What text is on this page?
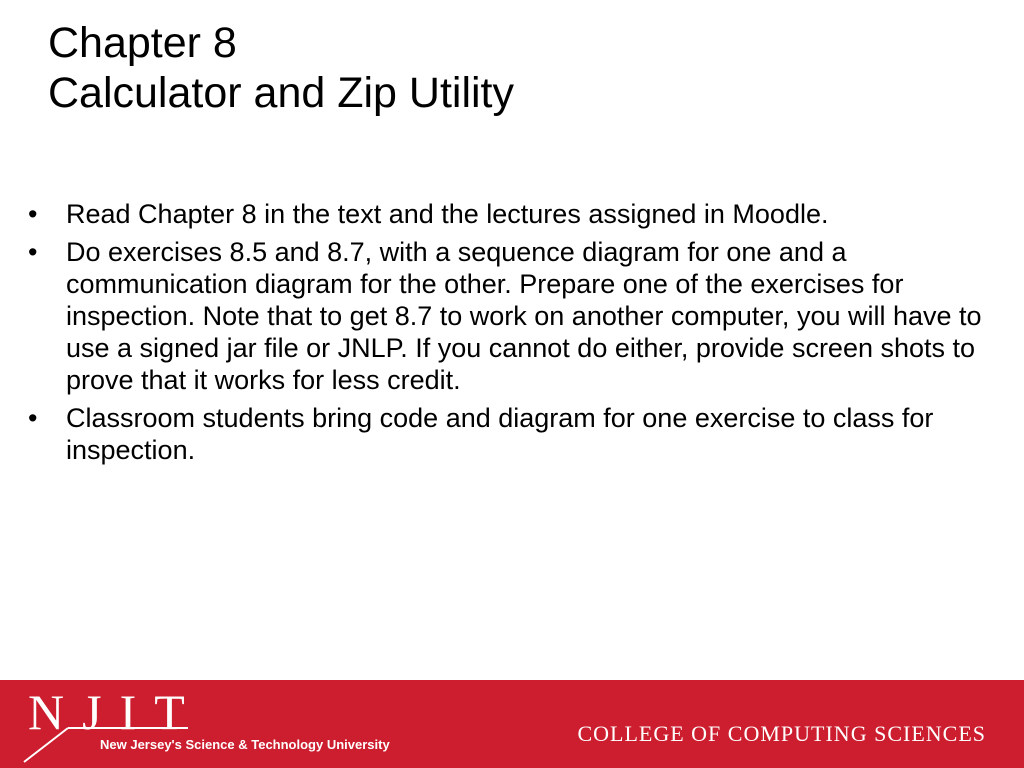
Chapter 8
Calculator and Zip Utility
•	Read Chapter 8 in the text and the lectures assigned in Moodle.
•	Do exercises 8.5 and 8.7, with a sequence diagram for one and a communication diagram for the other. Prepare one of the exercises for inspection. Note that to get 8.7 to work on another computer, you will have to use a signed jar file or JNLP. If you cannot do either, provide screen shots to prove that it works for less credit.
•	Classroom students bring code and diagram for one exercise to class for inspection.
NJIT
New Jersey's Science & Technology University	COLLEGE OF COMPUTING SCIENCES
